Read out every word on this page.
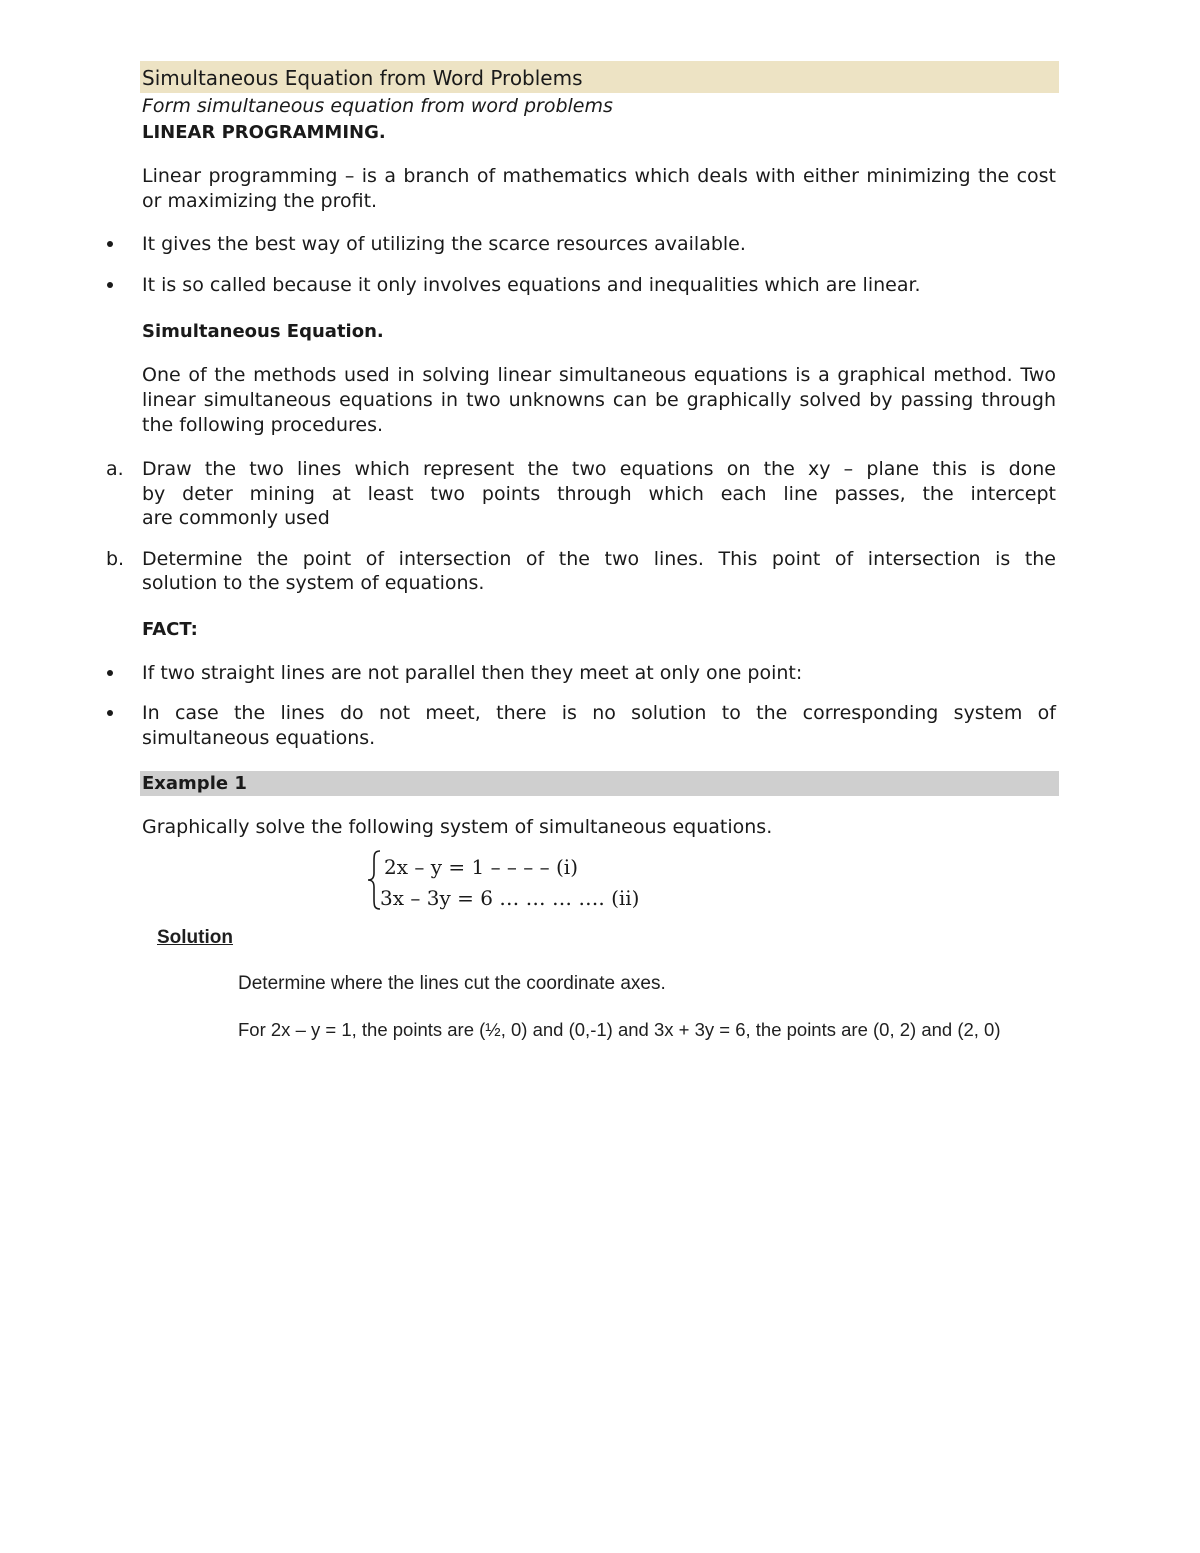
Simultaneous Equation from Word Problems
Form simultaneous equation from word problems
LINEAR PROGRAMMING.
Linear programming – is a branch of mathematics which deals with either minimizing the cost
or maximizing the profit.
It gives the best way of utilizing the scarce resources available.
It is so called because it only involves equations and inequalities which are linear.
Simultaneous Equation.
One of the methods used in solving linear simultaneous equations is a graphical method. Two
linear simultaneous equations in two unknowns can be graphically solved by passing through
the following procedures.
a. Draw the two lines which represent the two equations on the xy – plane this is done
by deter mining at least two points through which each line passes, the intercept
are commonly used
b. Determine the point of intersection of the two lines. This point of intersection is the
solution to the system of equations.
FACT:
If two straight lines are not parallel then they meet at only one point:
In case the lines do not meet, there is no solution to the corresponding system of
simultaneous equations.
Example 1
Graphically solve the following system of simultaneous equations.
2x – y = 1 – – – – (i)
3x – 3y = 6 … … … …. (ii)
Solution
Determine where the lines cut the coordinate axes.
For 2x – y = 1, the points are (½, 0) and (0,-1) and 3x + 3y = 6, the points are (0, 2) and (2, 0)
